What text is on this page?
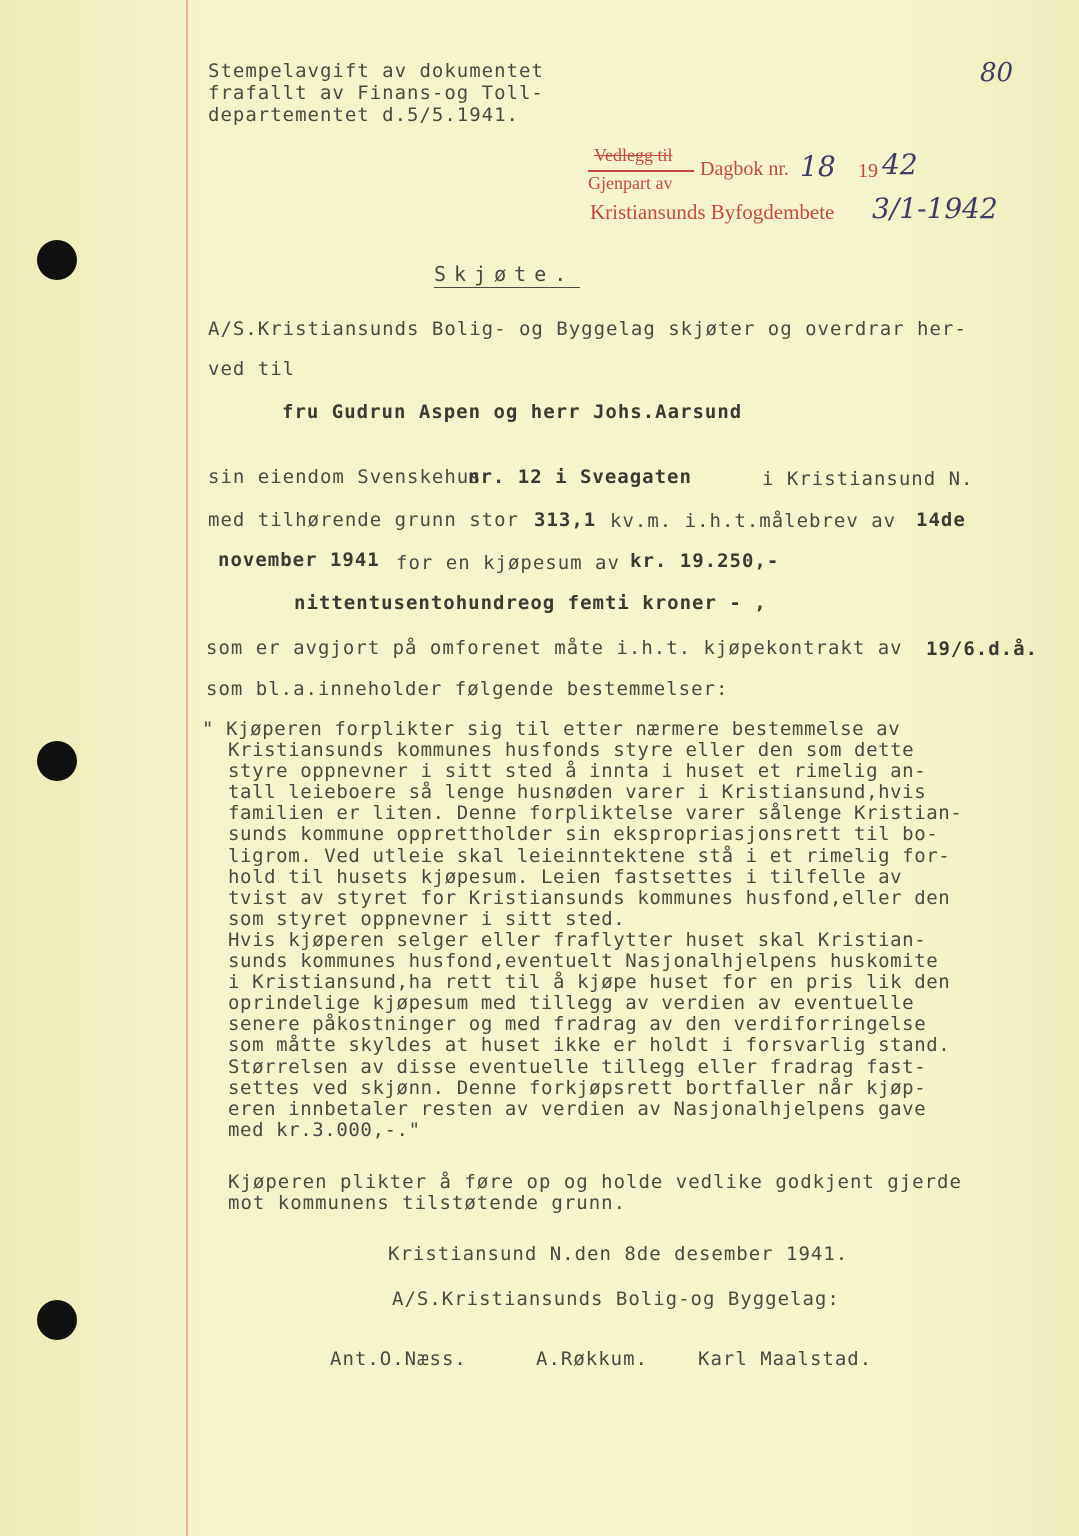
Stempelavgift av dokumentet
frafallt av Finans-og Toll-
departementet d.5/5.1941.
80
Vedlegg til
Gjenpart av
Dagbok nr. 18 19 42
Kristiansunds Byfogdembete 3/1-1942
Skjøte.
A/S.Kristiansunds Bolig- og Byggelag skjøter og overdrar her-
ved til
fru Gudrun Aspen og herr Johs.Aarsund
sin eiendom Svenskehus
nr. 12 i Sveagaten	i Kristiansund N.
med tilhørende grunn stor 313,1 kv.m. i.h.t.målebrev av 14de
november 1941 for en kjøpesum av kr. 19.250,-
nittentusentohundreog femti kroner - ,
som er avgjort på omforenet måte i.h.t. kjøpekontrakt av 19/6.d.å.
som bl.a.inneholder følgende bestemmelser:
" Kjøperen forplikter sig til etter nærmere bestemmelse av
Kristiansunds kommunes husfonds styre eller den som dette
styre oppnevner i sitt sted å innta i huset et rimelig an-
tall leieboere så lenge husnøden varer i Kristiansund,hvis
familien er liten. Denne forpliktelse varer sålenge Kristian-
sunds kommune opprettholder sin ekspropriasjonsrett til bo-
ligrom. Ved utleie skal leieinntektene stå i et rimelig for-
hold til husets kjøpesum. Leien fastsettes i tilfelle av
tvist av styret for Kristiansunds kommunes husfond,eller den
som styret oppnevner i sitt sted.
Hvis kjøperen selger eller fraflytter huset skal Kristian-
sunds kommunes husfond,eventuelt Nasjonalhjelpens huskomite
i Kristiansund,ha rett til å kjøpe huset for en pris lik den
oprindelige kjøpesum med tillegg av verdien av eventuelle
senere påkostninger og med fradrag av den verdiforringelse
som måtte skyldes at huset ikke er holdt i forsvarlig stand.
Størrelsen av disse eventuelle tillegg eller fradrag fast-
settes ved skjønn. Denne forkjøpsrett bortfaller når kjøp-
eren innbetaler resten av verdien av Nasjonalhjelpens gave
med kr.3.000,-."
Kjøperen plikter å føre op og holde vedlike godkjent gjerde
mot kommunens tilstøtende grunn.
Kristiansund N.den 8de desember 1941.
A/S.Kristiansunds Bolig-og Byggelag:
Ant.O.Næss.	A.Røkkum.	Karl Maalstad.
